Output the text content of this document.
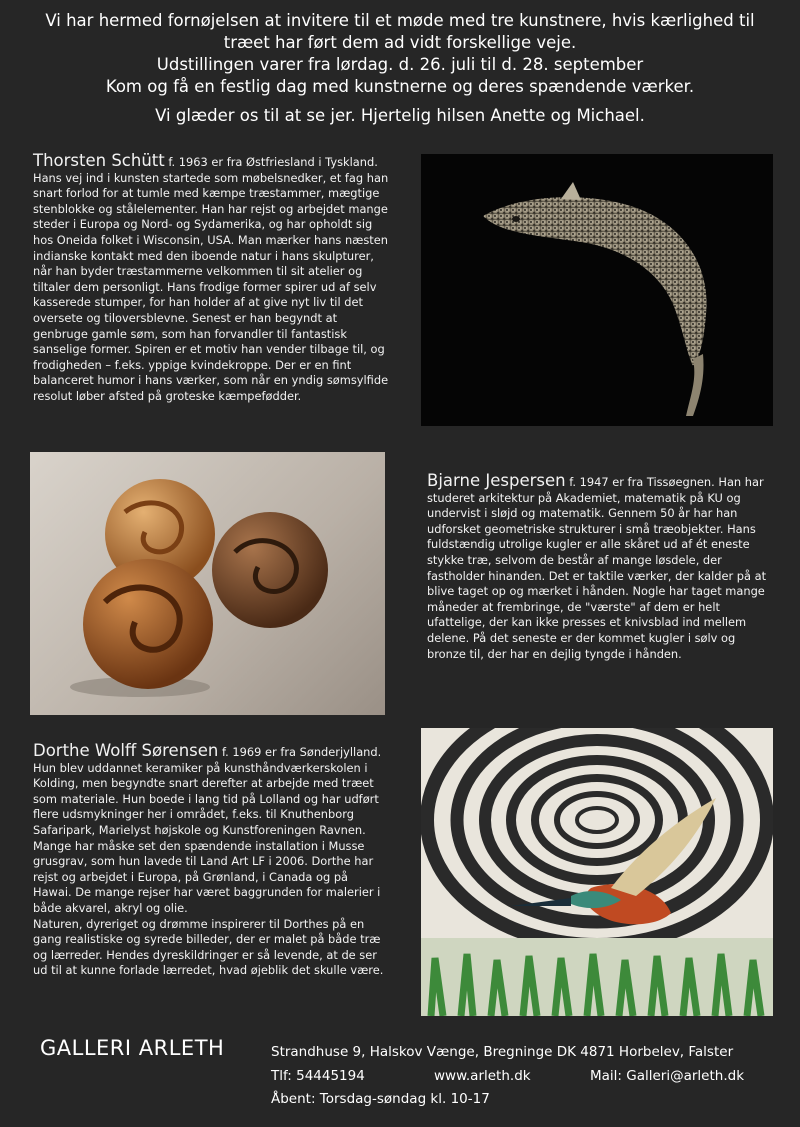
Vi har hermed fornøjelsen at invitere til et møde med tre kunstnere, hvis kærlighed til

træet har ført dem ad vidt forskellige veje.

Udstillingen varer fra lørdag. d. 26. juli til d. 28. september

Kom og få en festlig dag med kunstnerne og deres spændende værker.

Vi glæder os til at se jer. Hjertelig hilsen Anette og Michael.

Thorsten Schütt f. 1963 er fra Østfriesland i Tyskland. Hans vej ind i kunsten startede som møbelsnedker, et fag han snart forlod for at tumle med kæmpe træstammer, mægtige stenblokke og stålelementer. Han har rejst og arbejdet mange steder i Europa og Nord- og Sydamerika, og har opholdt sig hos Oneida folket i Wisconsin, USA. Man mærker hans næsten indianske kontakt med den iboende natur i hans skulpturer, når han byder træstammerne velkommen til sit atelier og tiltaler dem personligt. Hans frodige former spirer ud af selv kasserede stumper, for han holder af at give nyt liv til det oversete og tiloversblevne. Senest er han begyndt at genbruge gamle søm, som han forvandler til fantastisk sanselige former. Spiren er et motiv han vender tilbage til, og frodigheden – f.eks. yppige kvindekroppe. Der er en fint balanceret humor i hans værker, som når en yndig sømsylfide resolut løber afsted på groteske kæmpefødder.

Bjarne Jespersen f. 1947 er fra Tissøegnen. Han har studeret arkitektur på Akademiet, matematik på KU og undervist i sløjd og matematik. Gennem 50 år har han udforsket geometriske strukturer i små træobjekter. Hans fuldstændig utrolige kugler er alle skåret ud af ét eneste stykke træ, selvom de består af mange løsdele, der fastholder hinanden. Det er taktile værker, der kalder på at blive taget op og mærket i hånden. Nogle har taget mange måneder at frembringe, de "værste" af dem er helt ufattelige, der kan ikke presses et knivsblad ind mellem delene. På det seneste er der kommet kugler i sølv og bronze til, der har en dejlig tyngde i hånden.

Dorthe Wolff Sørensen f. 1969 er fra Sønderjylland. Hun blev uddannet keramiker på kunsthåndværkerskolen i Kolding, men begyndte snart derefter at arbejde med træet som materiale. Hun boede i lang tid på Lolland og har udført flere udsmykninger her i området, f.eks. til Knuthenborg Safaripark, Marielyst højskole og Kunstforeningen Ravnen. Mange har måske set den spændende installation i Musse grusgrav, som hun lavede til Land Art LF i 2006. Dorthe har rejst og arbejdet i Europa, på Grønland, i Canada og på Hawai. De mange rejser har været baggrunden for malerier i både akvarel, akryl og olie.
Naturen, dyreriget og drømme inspirerer til Dorthes på en gang realistiske og syrede billeder, der er malet på både træ og lærreder. Hendes dyreskildringer er så levende, at de ser ud til at kunne forlade lærredet, hvad øjeblik det skulle være.

GALLERI ARLETH	Strandhuse 9, Halskov Vænge, Bregninge DK 4871 Horbelev, Falster
Tlf: 54445194	www.arleth.dk	Mail: Galleri@arleth.dk
Åbent: Torsdag-søndag kl. 10-17
